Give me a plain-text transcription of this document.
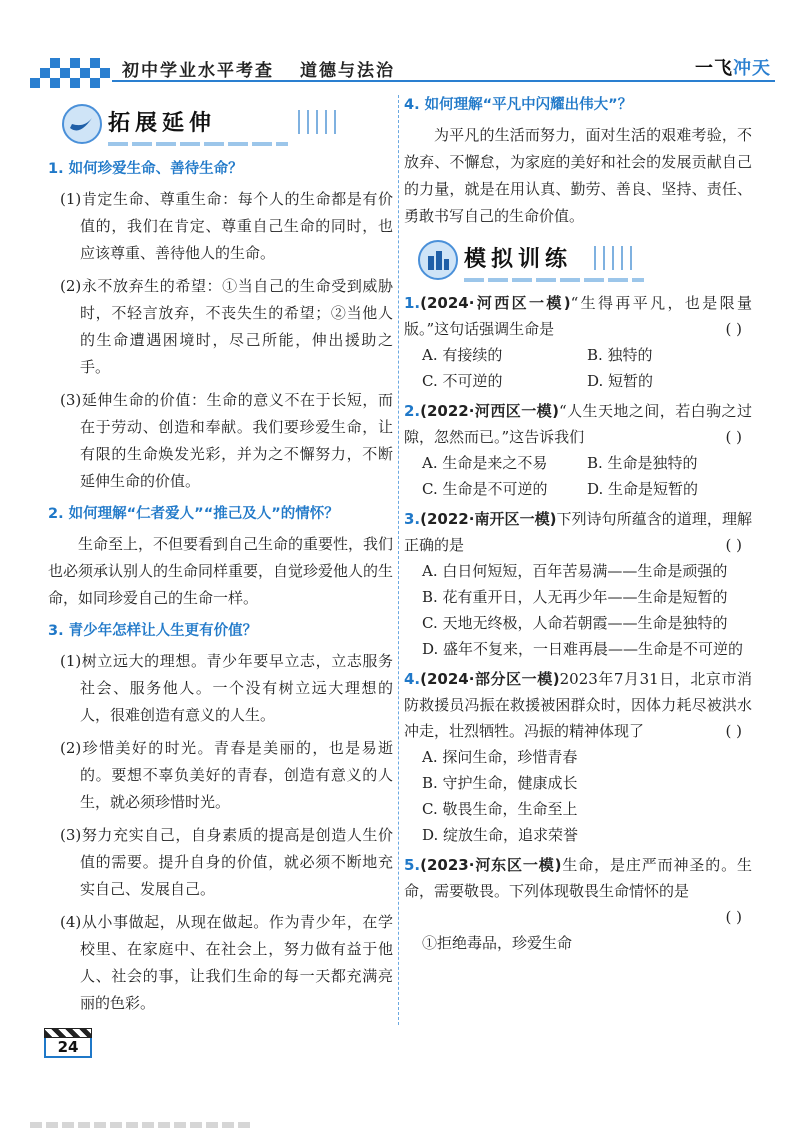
初中学业水平考查 道德与法治	一飞冲天
拓展延伸
1. 如何珍爱生命、善待生命？
(1)肯定生命、尊重生命：每个人的生命都是有价值的，我们在肯定、尊重自己生命的同时，也应该尊重、善待他人的生命。
(2)永不放弃生的希望：①当自己的生命受到威胁时，不轻言放弃，不丧失生的希望；②当他人的生命遭遇困境时，尽己所能，伸出援助之手。
(3)延伸生命的价值：生命的意义不在于长短，而在于劳动、创造和奉献。我们要珍爱生命，让有限的生命焕发光彩，并为之不懈努力，不断延伸生命的价值。
2. 如何理解“仁者爱人”“推己及人”的情怀？
生命至上，不但要看到自己生命的重要性，我们也必须承认别人的生命同样重要，自觉珍爱他人的生命，如同珍爱自己的生命一样。
3. 青少年怎样让人生更有价值？
(1)树立远大的理想。青少年要早立志，立志服务社会、服务他人。一个没有树立远大理想的人，很难创造有意义的人生。
(2)珍惜美好的时光。青春是美丽的，也是易逝的。要想不辜负美好的青春，创造有意义的人生，就必须珍惜时光。
(3)努力充实自己，自身素质的提高是创造人生价值的需要。提升自身的价值，就必须不断地充实自己、发展自己。
(4)从小事做起，从现在做起。作为青少年，在学校里、在家庭中、在社会上，努力做有益于他人、社会的事，让我们生命的每一天都充满亮丽的色彩。
4. 如何理解“平凡中闪耀出伟大”？
为平凡的生活而努力，面对生活的艰难考验，不放弃、不懈怠，为家庭的美好和社会的发展贡献自己的力量，就是在用认真、勤劳、善良、坚持、责任、勇敢书写自己的生命价值。
模拟训练
1.(2024·河西区一模)“生得再平凡，也是限量版。”这句话强调生命是	( )
A. 有接续的	B. 独特的
C. 不可逆的	D. 短暂的
2.(2022·河西区一模)“人生天地之间，若白驹之过隙，忽然而已。”这告诉我们	( )
A. 生命是来之不易	B. 生命是独特的
C. 生命是不可逆的	D. 生命是短暂的
3.(2022·南开区一模)下列诗句所蕴含的道理，理解正确的是	( )
A. 白日何短短，百年苦易满——生命是顽强的
B. 花有重开日，人无再少年——生命是短暂的
C. 天地无终极，人命若朝霞——生命是独特的
D. 盛年不复来，一日难再晨——生命是不可逆的
4.(2024·部分区一模)2023年7月31日，北京市消防救援员冯振在救援被困群众时，因体力耗尽被洪水冲走，壮烈牺牲。冯振的精神体现了	( )
A. 探问生命，珍惜青春
B. 守护生命，健康成长
C. 敬畏生命，生命至上
D. 绽放生命，追求荣誉
5.(2023·河东区一模)生命，是庄严而神圣的。生命，需要敬畏。下列体现敬畏生命情怀的是
( )
①拒绝毒品，珍爱生命
24
